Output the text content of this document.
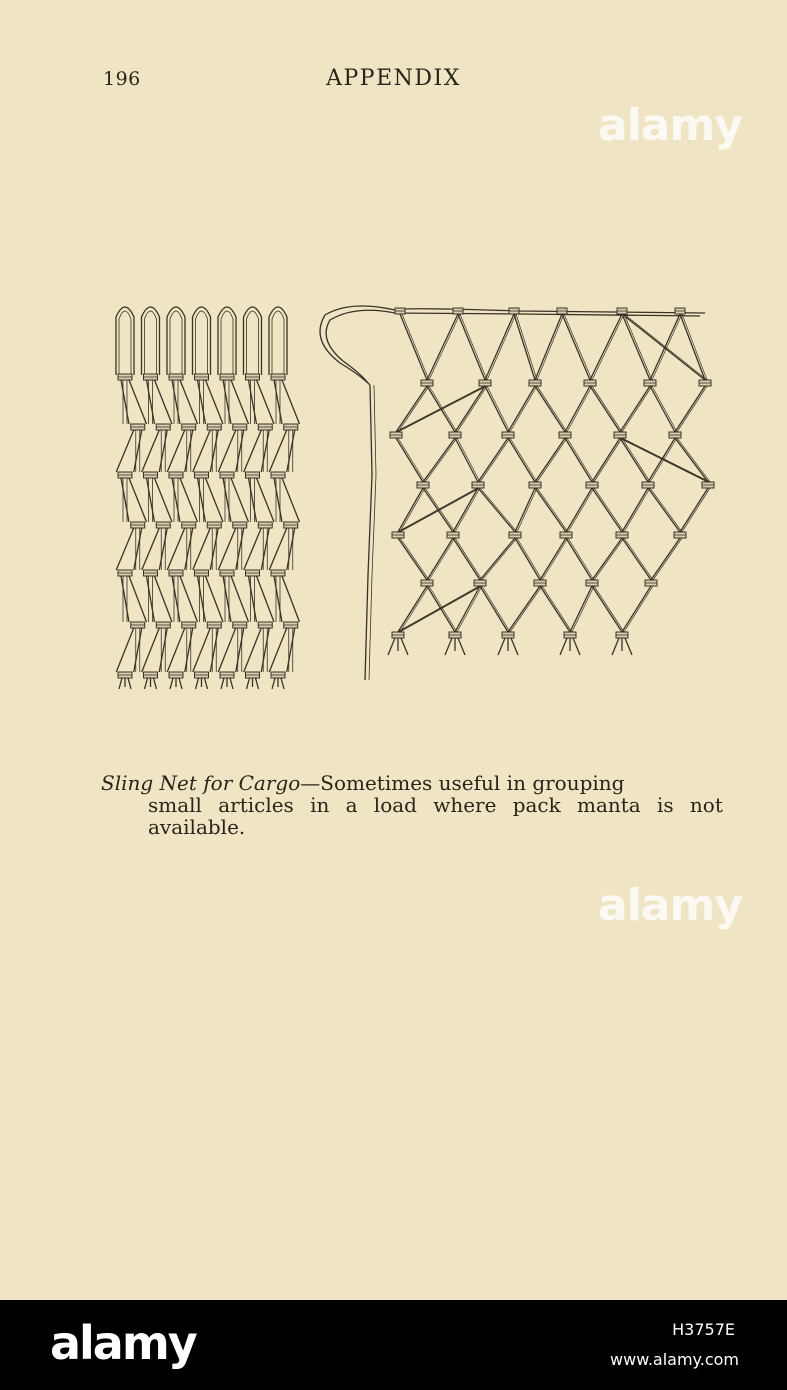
196	APPENDIX
Sling Net for Cargo—Sometimes useful in grouping
small articles in a load where pack manta is not
available.
alamy
alamy
alamy	H3757E
www.alamy.com
